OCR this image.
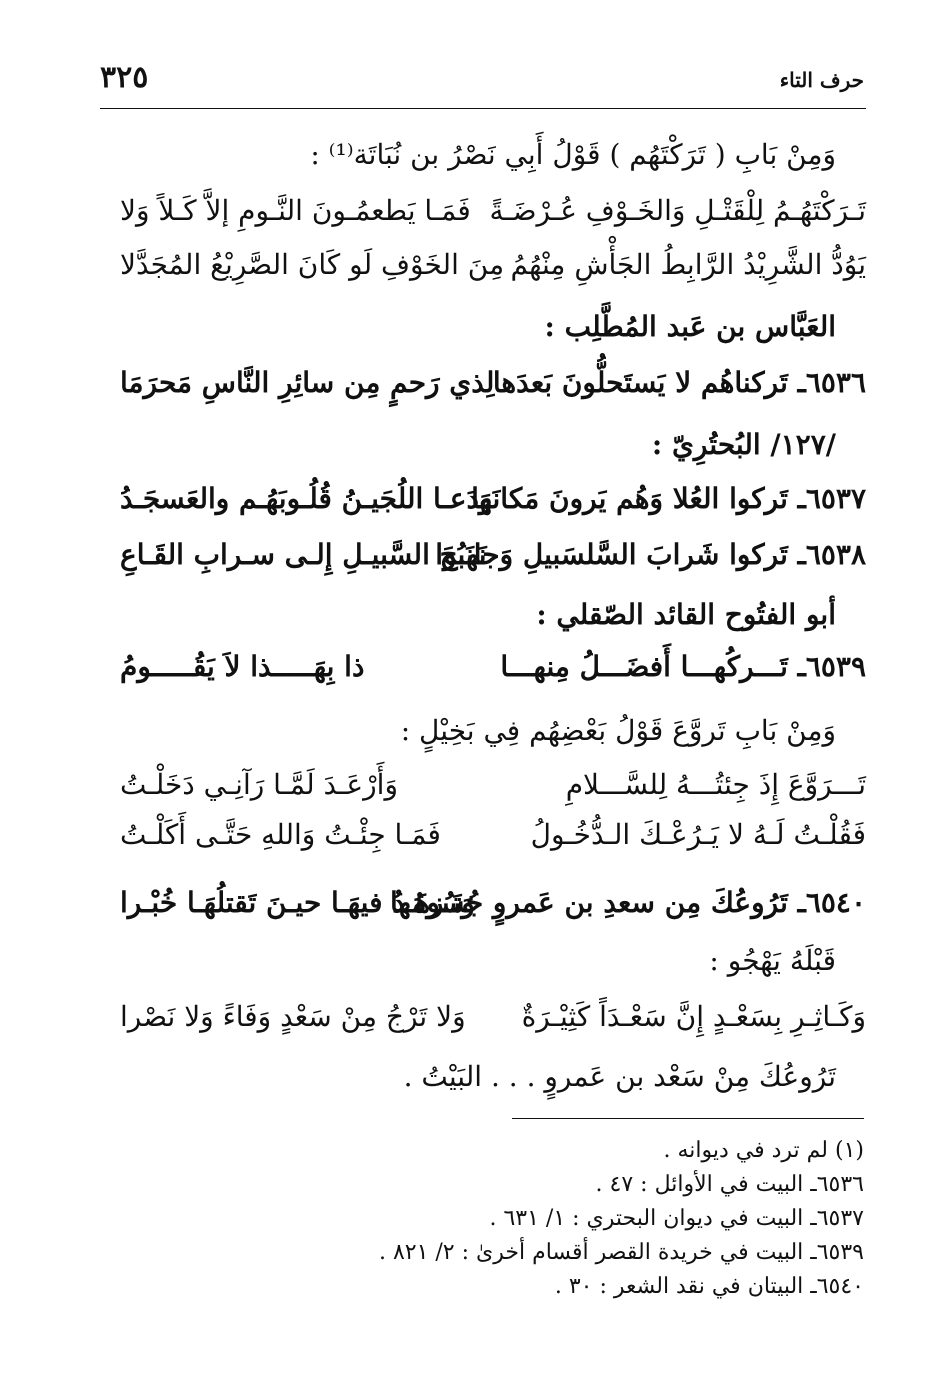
حرف التاء
٣٢٥
وَمِنْ بَابِ ( تَرَكْتَهُم ) قَوْلُ أَبِي نَصْرُ بن نُبَاتَة⁽¹⁾ :
تَـرَكْتَهُـمُ لِلْقَتْـلِ وَالخَـوْفِ عُـرْضَـةً
فَمَـا يَطعمُـونَ النَّـومِ إلاَّ كَـلاً وَلا
يَوُدُّ الشَّرِيْدُ الرَّابِطُ الجَأْشِ مِنْهُمُ
مِنَ الخَوْفِ لَو كَانَ الصَّرِيْعُ المُجَدَّلا
العَبَّاس بن عَبد المُطَّلِب :
٦٥٣٦ـ تَركناهُم لا يَستَحلُّونَ بَعدَها
لِذي رَحمٍ مِن سائِرِ النَّاسِ مَحرَمَا
/١٢٧/ البُحتُرِيّ :
٦٥٣٧ـ تَركوا العُلا وَهُم يَرونَ مَكانَها
وَدَعـا اللُجَيـنُ قُلُـوبَهُـم والعَسجَـدُ
٦٥٣٨ـ تَركوا شَرابَ السَّلسَبيلِ وَجانَبُوا
نَهـجَ السَّبيـلِ إِلـى سـرابِ القَـاعِ
أبو الفتُوح القائد الصّقلي :
٦٥٣٩ـ تَـــركُهـــا أَفضَـــلُ مِنهـــا
ذا بِهَـــــذا لاَ يَقُـــــومُ
وَمِنْ بَابِ تَروَّعَ قَوْلُ بَعْضِهُم فِي بَخِيْلٍ :
تَـــرَوَّعَ إِذَ جِئتُـــهُ لِلسَّـــلامِ
وَأَرْعَـدَ لَمَّـا رَآنِـي دَخَلْـتُ
فَقُلْـتُ لَـهُ لا يَـرُعْـكَ الـدُّخُـولُ
فَمَـا جِئْـتُ وَاللهِ حَتَّـى أَكَلْـتُ
٦٥٤٠ـ تَرُوعُكَ مِن سعدِ بن عَمروٍ جُسُومُها
وَتَـزهَـدُ فيهَـا حيـنَ تَقتلُهَـا خُبْـرا
قَبْلَهُ يَهْجُو :
وَكَـاثِـرِ بِسَعْـدٍ إِنَّ سَعْـدَاً كَثِيْـرَةٌ
وَلا تَرْجُ مِنْ سَعْدٍ وَفَاءً وَلا نَصْرا
تَرُوعُكَ مِنْ سَعْد بن عَمروٍ . . . البَيْتُ .
(١) لم ترد في ديوانه .
٦٥٣٦ـ البيت في الأوائل : ٤٧ .
٦٥٣٧ـ البيت في ديوان البحتري : ١/ ٦٣١ .
٦٥٣٩ـ البيت في خريدة القصر أقسام أخرىٰ : ٢/ ٨٢١ .
٦٥٤٠ـ البيتان في نقد الشعر : ٣٠ .
